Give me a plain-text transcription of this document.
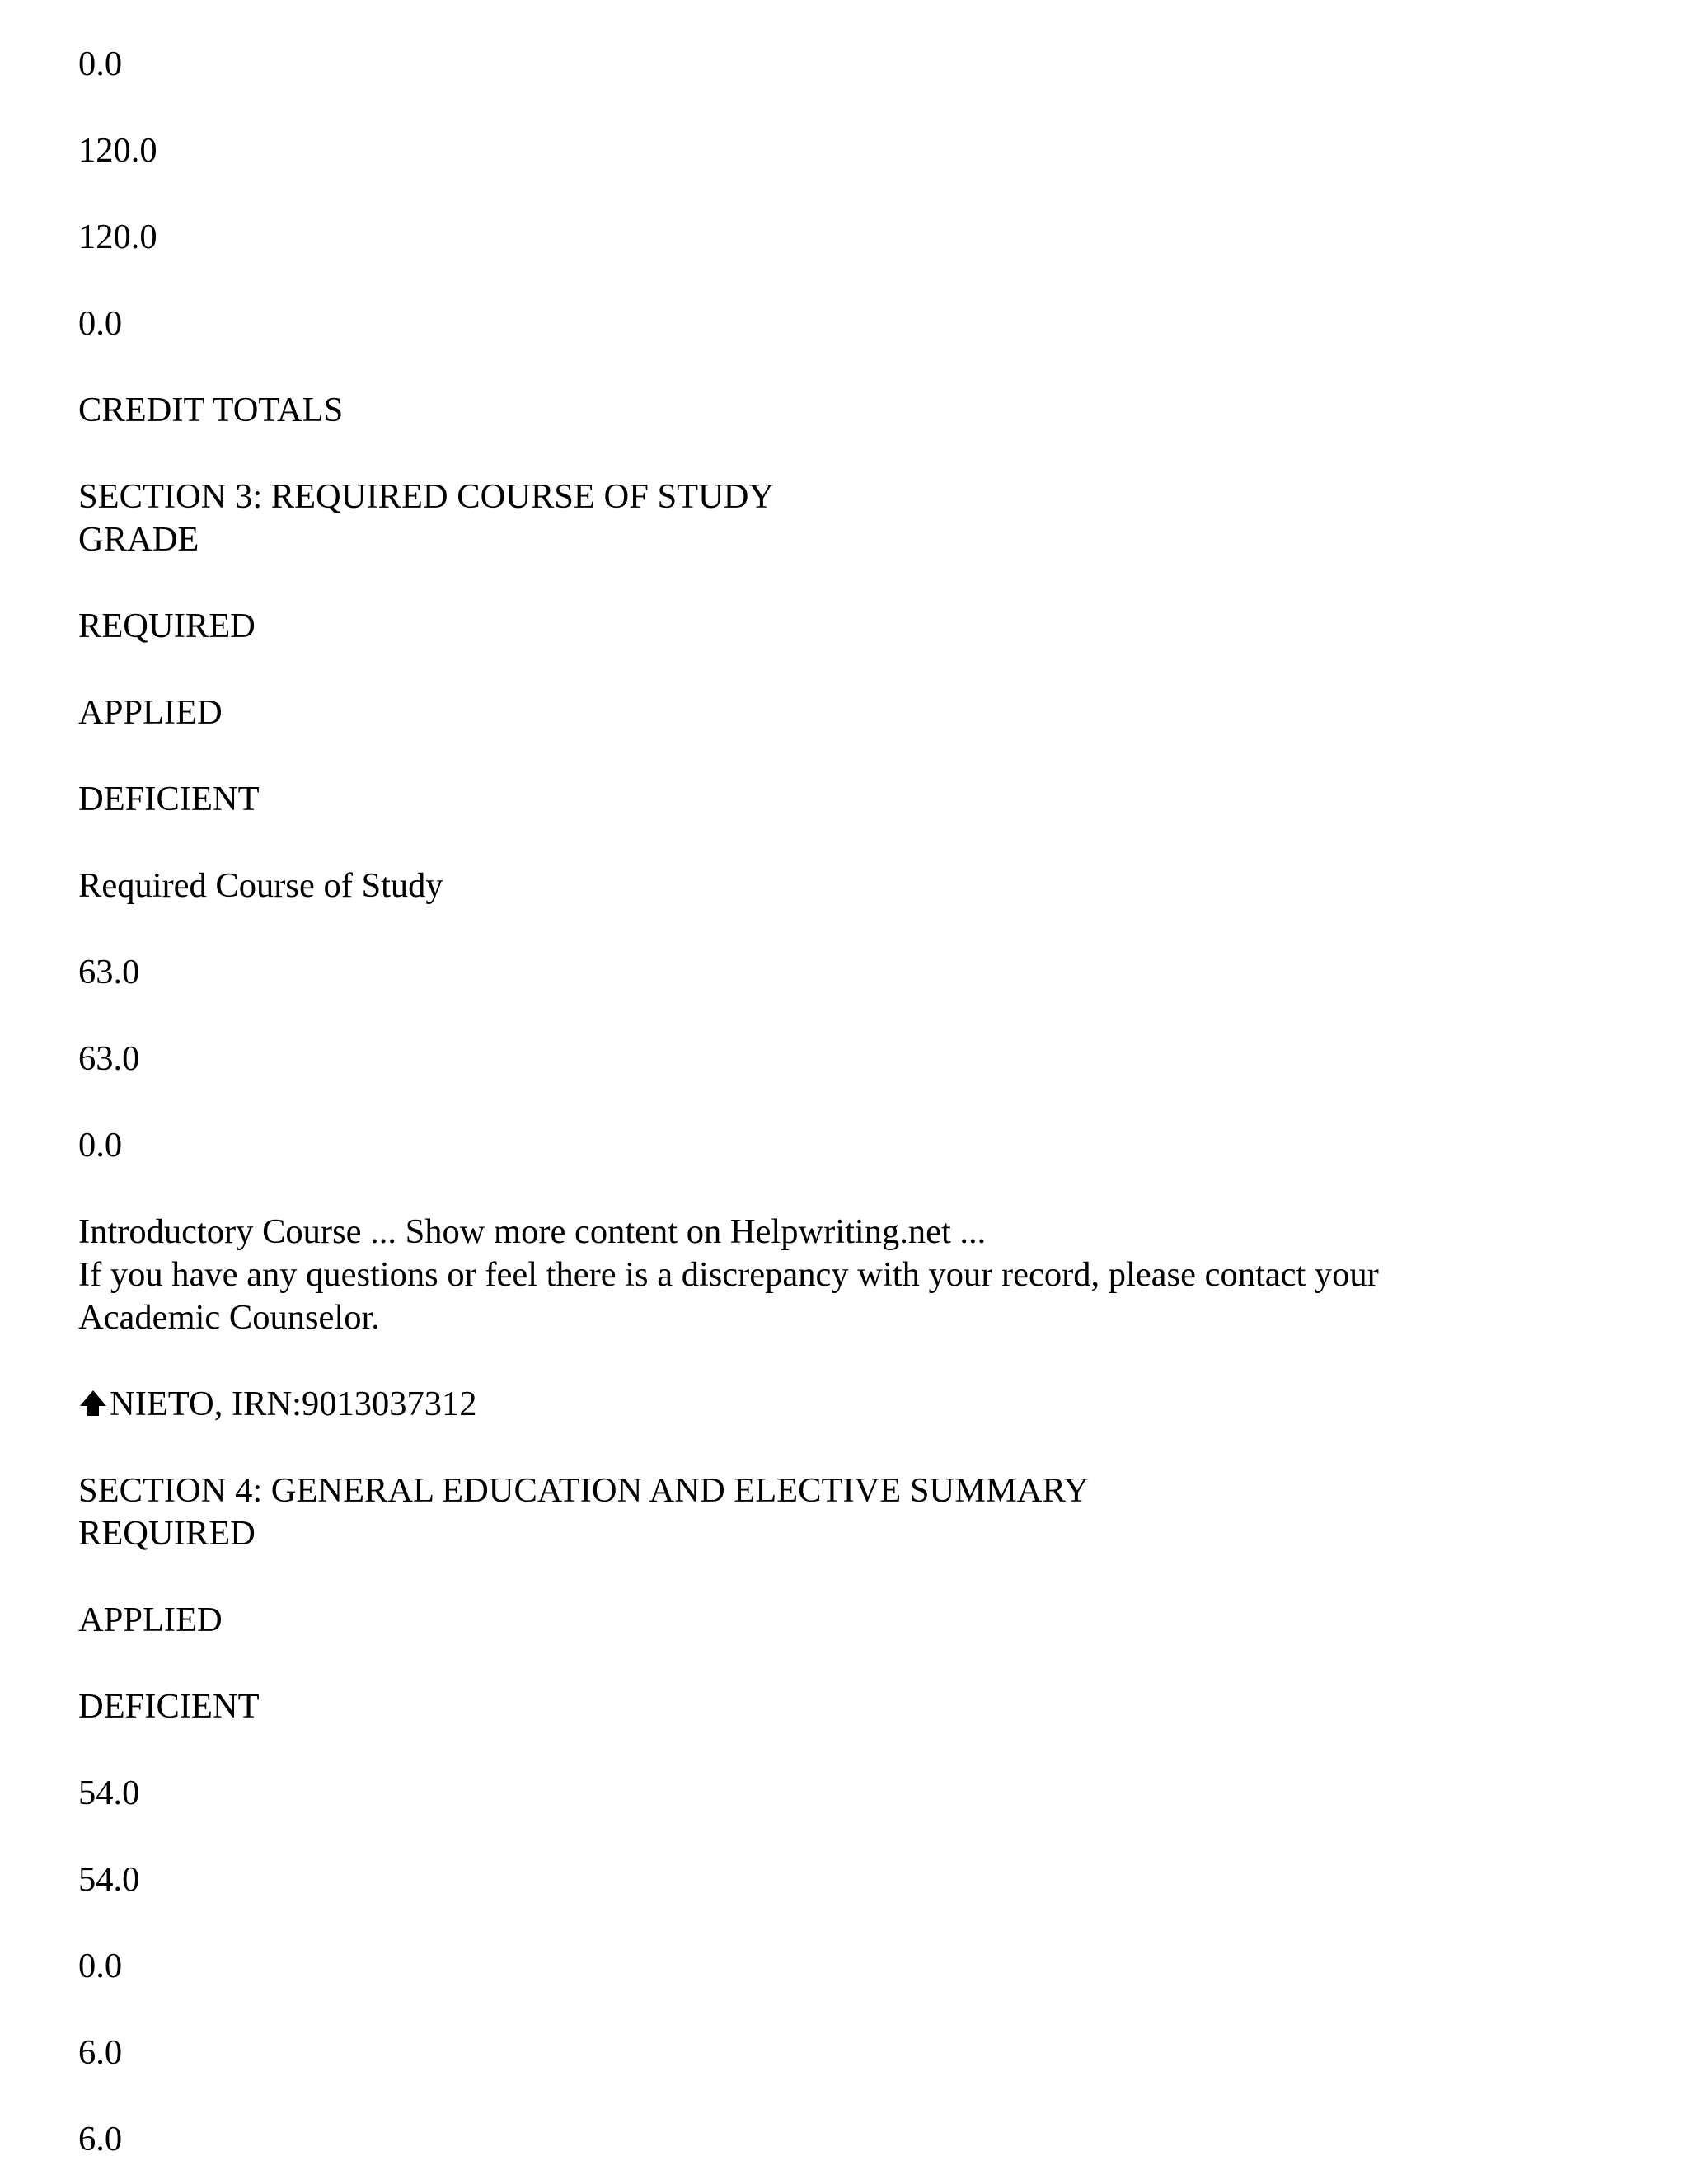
0.0

120.0

120.0

0.0

CREDIT TOTALS

SECTION 3: REQUIRED COURSE OF STUDY

GRADE

REQUIRED

APPLIED

DEFICIENT

Required Course of Study

63.0

63.0

0.0

Introductory Course ... Show more content on Helpwriting.net ...

If you have any questions or feel there is a discrepancy with your record, please contact your

Academic Counselor.

NIETO, IRN:9013037312

SECTION 4: GENERAL EDUCATION AND ELECTIVE SUMMARY

REQUIRED

APPLIED

DEFICIENT

54.0

54.0

0.0

6.0

6.0
